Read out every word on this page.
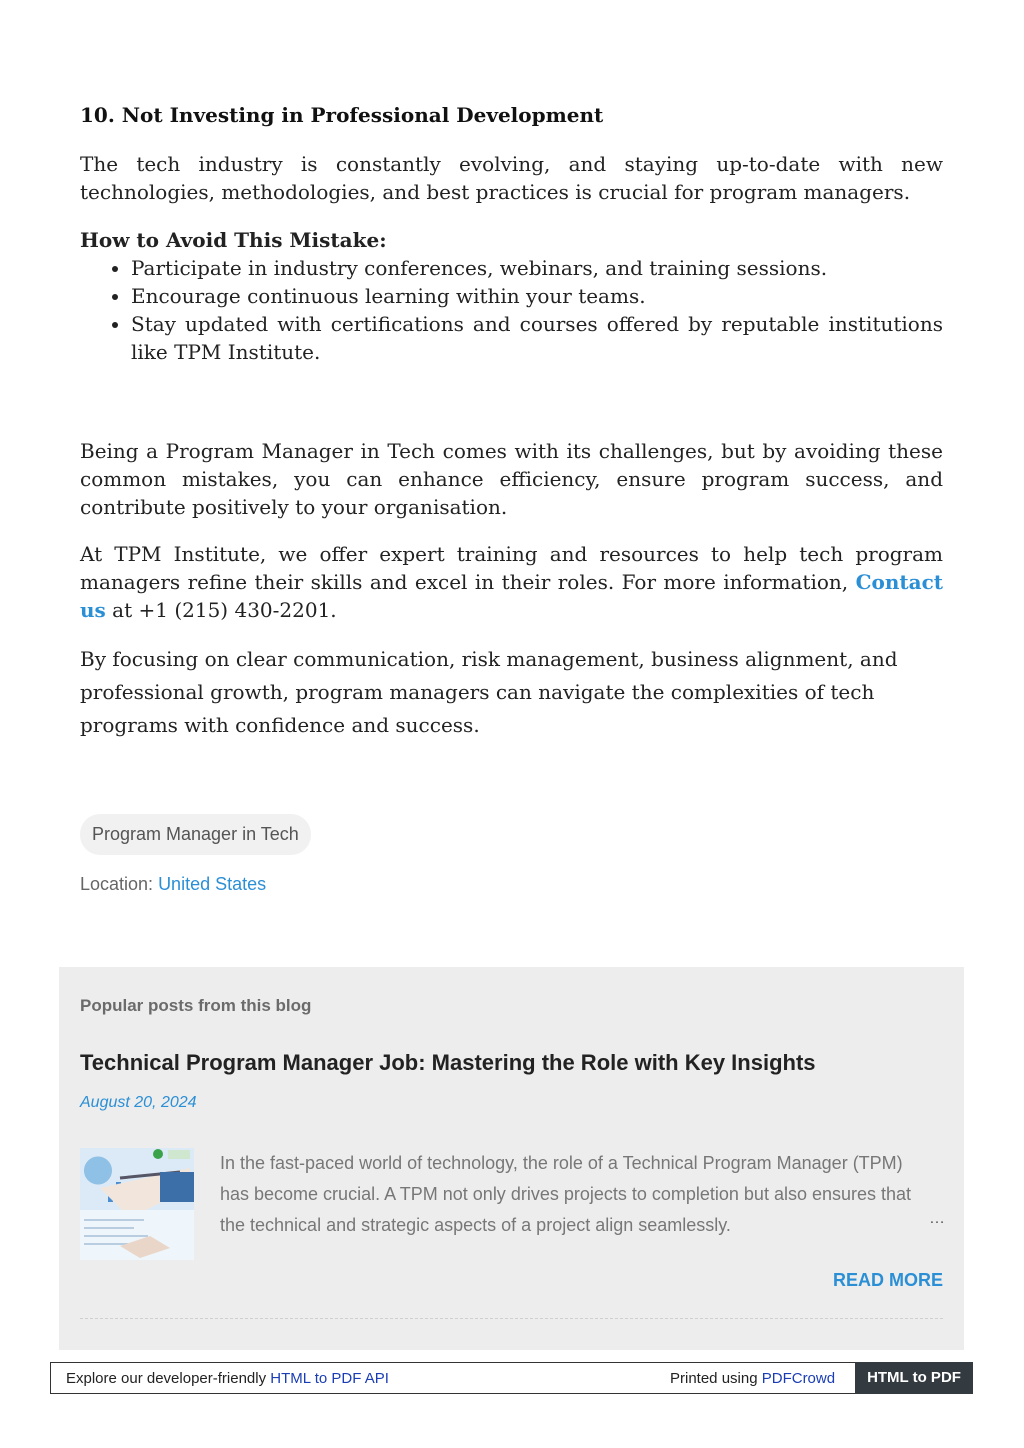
10. Not Investing in Professional Development

The tech industry is constantly evolving, and staying up-to-date with new technologies, methodologies, and best practices is crucial for program managers.

How to Avoid This Mistake:

• Participate in industry conferences, webinars, and training sessions.
• Encourage continuous learning within your teams.
• Stay updated with certifications and courses offered by reputable institutions like TPM Institute.

Being a Program Manager in Tech comes with its challenges, but by avoiding these common mistakes, you can enhance efficiency, ensure program success, and contribute positively to your organisation.

At TPM Institute, we offer expert training and resources to help tech program managers refine their skills and excel in their roles. For more information, Contact us at +1 (215) 430-2201.

By focusing on clear communication, risk management, business alignment, and professional growth, program managers can navigate the complexities of tech programs with confidence and success.

Program Manager in Tech
Location: United States
Popular posts from this blog
Technical Program Manager Job: Mastering the Role with Key Insights
August 20, 2024
In the fast-paced world of technology, the role of a Technical Program Manager (TPM) has become crucial. A TPM not only drives projects to completion but also ensures that the technical and strategic aspects of a project align seamlessly.	…
READ MORE
Explore our developer-friendly HTML to PDF API	Printed using PDFCrowd	HTML to PDF
